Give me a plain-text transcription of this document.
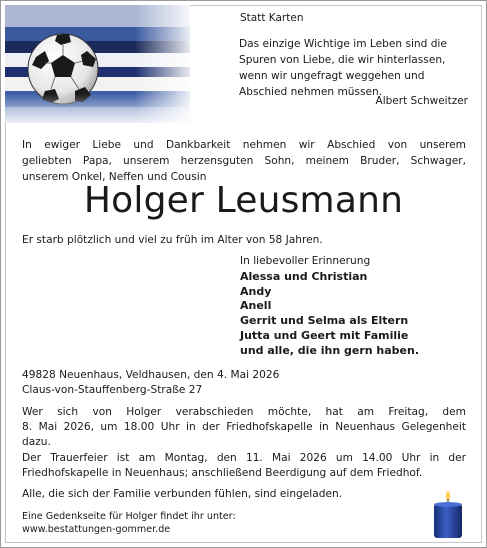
Statt Karten
Das einzige Wichtige im Leben sind die
Spuren von Liebe, die wir hinterlassen,
wenn wir ungefragt weggehen und
Abschied nehmen müssen.
Albert Schweitzer
In ewiger Liebe und Dankbarkeit nehmen wir Abschied von unserem
geliebten Papa, unserem herzensguten Sohn, meinem Bruder, Schwager,
unserem Onkel, Neffen und Cousin
Holger Leusmann
Er starb plötzlich und viel zu früh im Alter von 58 Jahren.
In liebevoller Erinnerung
Alessa und Christian
Andy
Anell
Gerrit und Selma als Eltern
Jutta und Geert mit Familie
und alle, die ihn gern haben.
49828 Neuenhaus, Veldhausen, den 4. Mai 2026
Claus-von-Stauffenberg-Straße 27
Wer sich von Holger verabschieden möchte, hat am Freitag, dem
8. Mai 2026, um 18.00 Uhr in der Friedhofskapelle in Neuenhaus Gelegenheit
dazu.
Der Trauerfeier ist am Montag, den 11. Mai 2026 um 14.00 Uhr in der
Friedhofskapelle in Neuenhaus; anschließend Beerdigung auf dem Friedhof.
Alle, die sich der Familie verbunden fühlen, sind eingeladen.
Eine Gedenkseite für Holger findet ihr unter:
www.bestattungen-gommer.de
